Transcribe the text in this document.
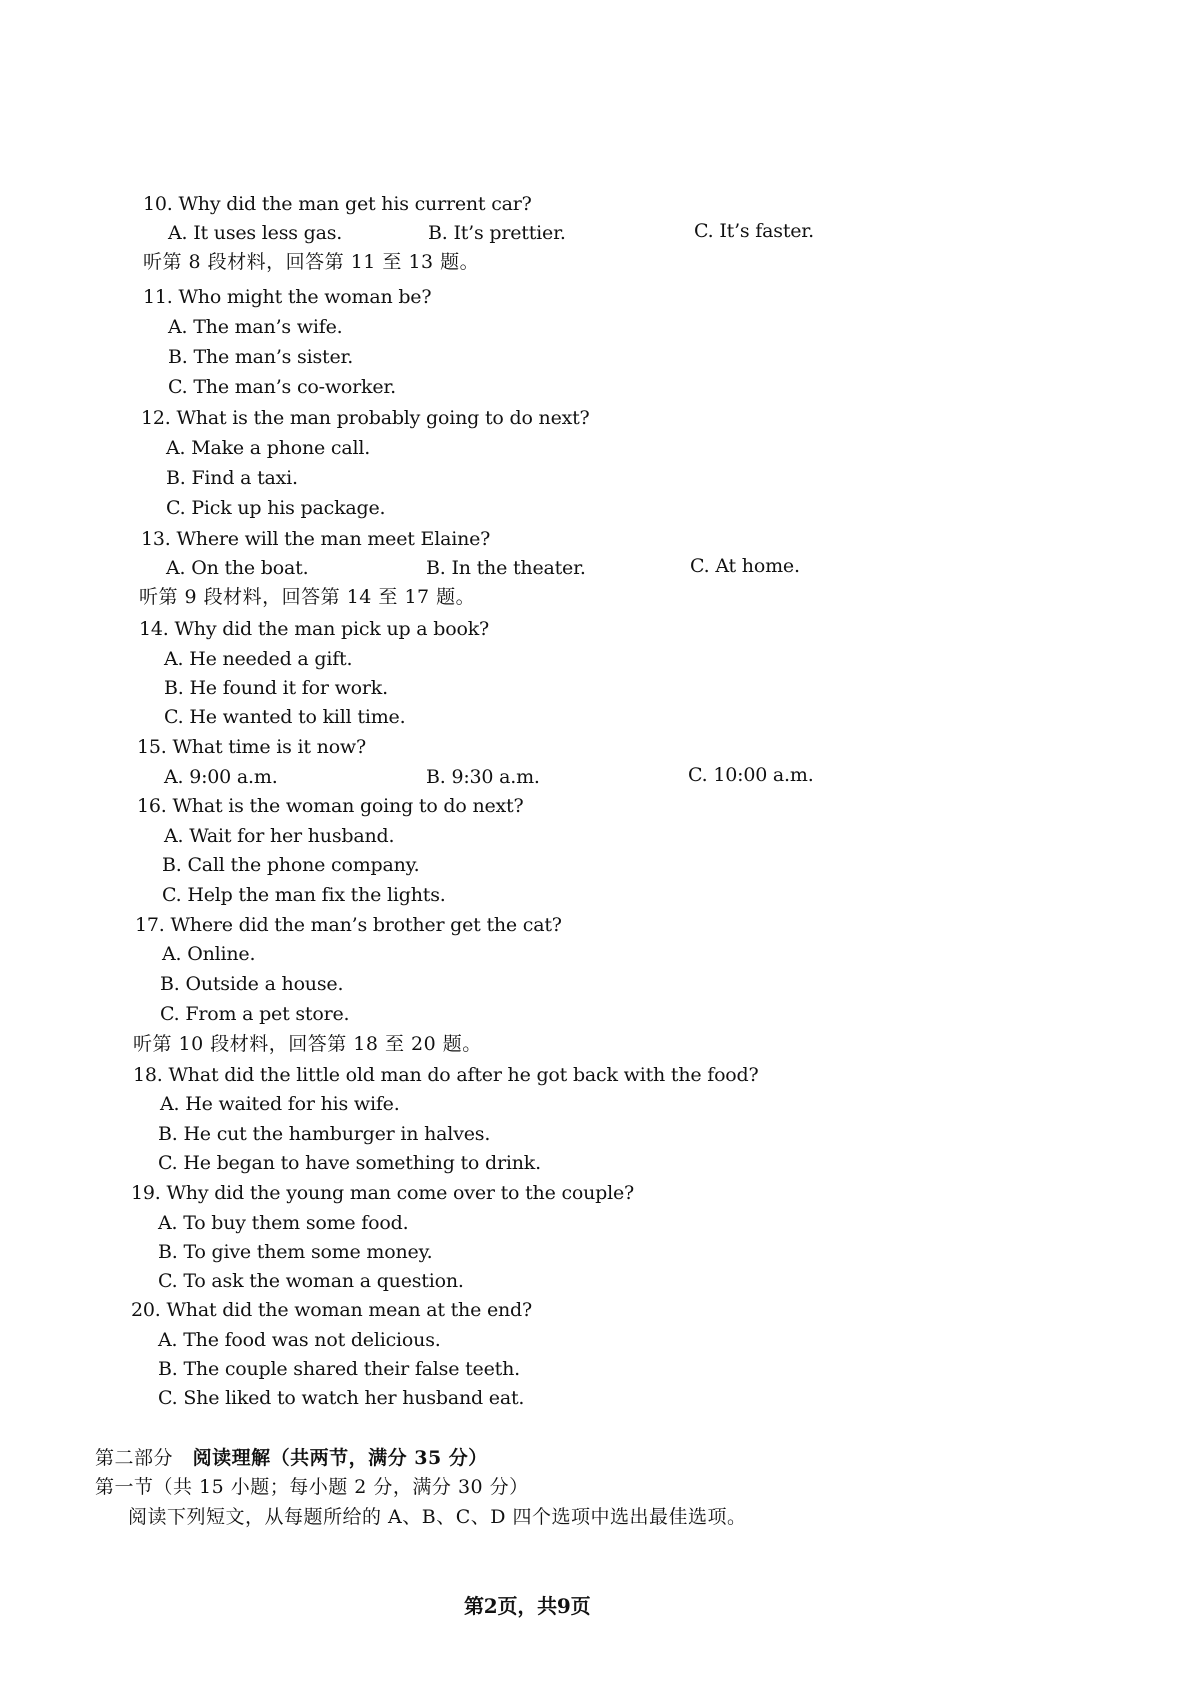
10. Why did the man get his current car?
A. It uses less gas.	B. It’s prettier.	C. It’s faster.
听第 8 段材料，回答第 11 至 13 题。
11. Who might the woman be?
A. The man’s wife.
B. The man’s sister.
C. The man’s co-worker.
12. What is the man probably going to do next?
A. Make a phone call.
B. Find a taxi.
C. Pick up his package.
13. Where will the man meet Elaine?
A. On the boat.	B. In the theater.	C. At home.
听第 9 段材料，回答第 14 至 17 题。
14. Why did the man pick up a book?
A. He needed a gift.
B. He found it for work.
C. He wanted to kill time.
15. What time is it now?
A. 9:00 a.m.	B. 9:30 a.m.	C. 10:00 a.m.
16. What is the woman going to do next?
A. Wait for her husband.
B. Call the phone company.
C. Help the man fix the lights.
17. Where did the man’s brother get the cat?
A. Online.
B. Outside a house.
C. From a pet store.
听第 10 段材料，回答第 18 至 20 题。
18. What did the little old man do after he got back with the food?
A. He waited for his wife.
B. He cut the hamburger in halves.
C. He began to have something to drink.
19. Why did the young man come over to the couple?
A. To buy them some food.
B. To give them some money.
C. To ask the woman a question.
20. What did the woman mean at the end?
A. The food was not delicious.
B. The couple shared their false teeth.
C. She liked to watch her husband eat.
第二部分 阅读理解（共两节，满分 35 分）
第一节（共 15 小题；每小题 2 分，满分 30 分）
阅读下列短文，从每题所给的 A、B、C、D 四个选项中选出最佳选项。
第2页，共9页
